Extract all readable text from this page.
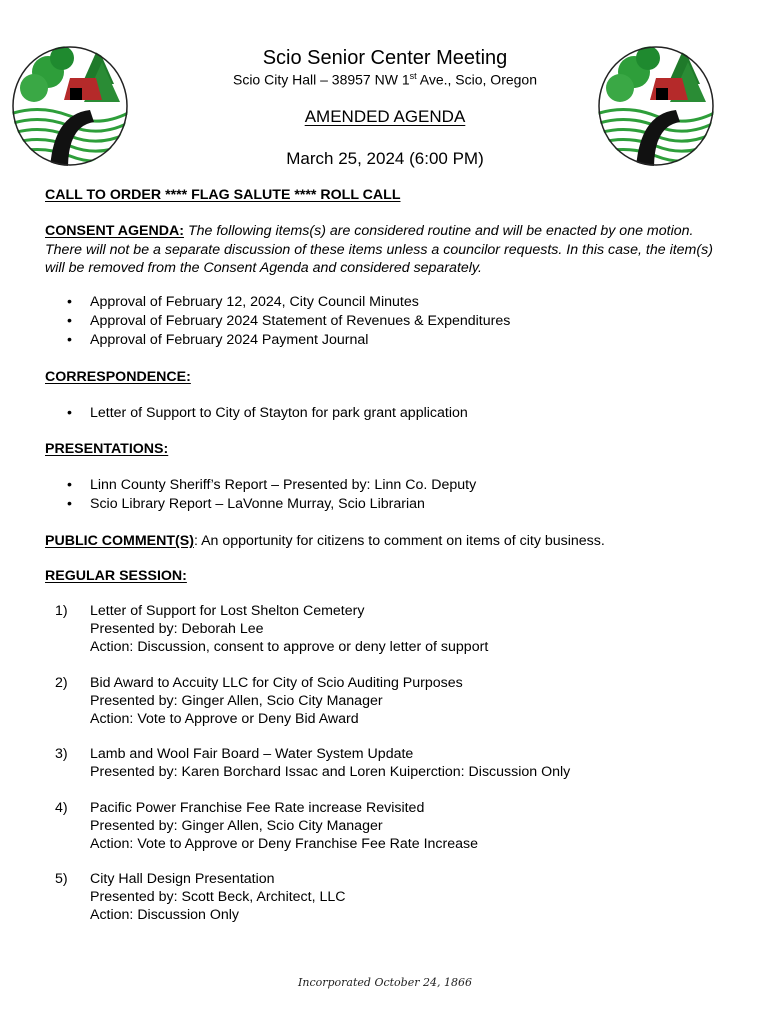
Scio Senior Center Meeting
Scio City Hall – 38957 NW 1st Ave., Scio, Oregon
AMENDED AGENDA
March 25, 2024 (6:00 PM)
CALL TO ORDER **** FLAG SALUTE **** ROLL CALL
CONSENT AGENDA: The following items(s) are considered routine and will be enacted by one motion. There will not be a separate discussion of these items unless a councilor requests. In this case, the item(s) will be removed from the Consent Agenda and considered separately.
• Approval of February 12, 2024, City Council Minutes
• Approval of February 2024 Statement of Revenues & Expenditures
• Approval of February 2024 Payment Journal
CORRESPONDENCE:
• Letter of Support to City of Stayton for park grant application
PRESENTATIONS:
• Linn County Sheriff’s Report – Presented by: Linn Co. Deputy
• Scio Library Report – LaVonne Murray, Scio Librarian
PUBLIC COMMENT(S): An opportunity for citizens to comment on items of city business.
REGULAR SESSION:
1) Letter of Support for Lost Shelton Cemetery
Presented by: Deborah Lee
Action: Discussion, consent to approve or deny letter of support
2) Bid Award to Accuity LLC for City of Scio Auditing Purposes
Presented by: Ginger Allen, Scio City Manager
Action: Vote to Approve or Deny Bid Award
3) Lamb and Wool Fair Board – Water System Update
Presented by: Karen Borchard Issac and Loren Kuiperction: Discussion Only
4) Pacific Power Franchise Fee Rate increase Revisited
Presented by: Ginger Allen, Scio City Manager
Action: Vote to Approve or Deny Franchise Fee Rate Increase
5) City Hall Design Presentation
Presented by: Scott Beck, Architect, LLC
Action: Discussion Only
Incorporated October 24, 1866
